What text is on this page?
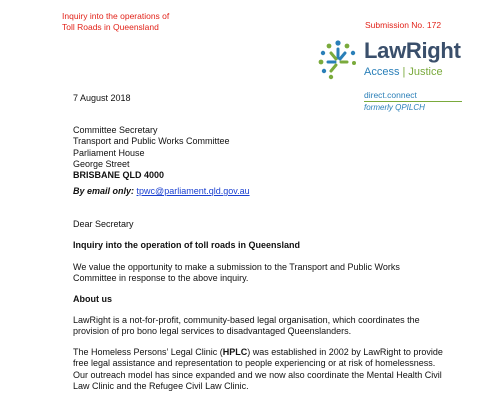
Inquiry into the operations of
Toll Roads in Queensland	Submission No. 172
LawRight
Access | Justice
direct.connect
formerly QPILCH
7 August 2018
Committee Secretary
Transport and Public Works Committee
Parliament House
George Street
BRISBANE QLD 4000
By email only: tpwc@parliament.qld.gov.au
Dear Secretary
Inquiry into the operation of toll roads in Queensland
We value the opportunity to make a submission to the Transport and Public Works Committee in response to the above inquiry.
About us
LawRight is a not-for-profit, community-based legal organisation, which coordinates the provision of pro bono legal services to disadvantaged Queenslanders.
The Homeless Persons’ Legal Clinic (HPLC) was established in 2002 by LawRight to provide free legal assistance and representation to people experiencing or at risk of homelessness. Our outreach model has since expanded and we now also coordinate the Mental Health Civil Law Clinic and the Refugee Civil Law Clinic.
